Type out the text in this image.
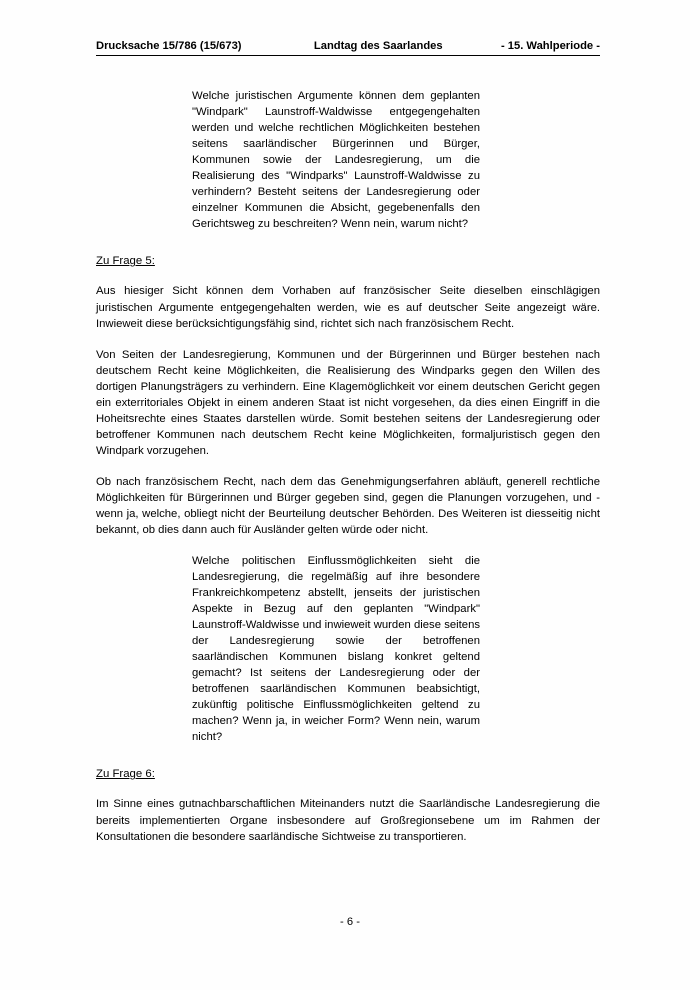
Drucksache 15/786 (15/673)	Landtag des Saarlandes	- 15. Wahlperiode -

Welche juristischen Argumente können dem geplanten "Windpark" Launstroff-Waldwisse entgegengehalten werden und welche rechtlichen Möglichkeiten bestehen seitens saarländischer Bürgerinnen und Bürger, Kommunen sowie der Landesregierung, um die Realisierung des "Windparks" Launstroff-Waldwisse zu verhindern? Besteht seitens der Landesregierung oder einzelner Kommunen die Absicht, gegebenenfalls den Gerichtsweg zu beschreiten? Wenn nein, warum nicht?

Zu Frage 5:

Aus hiesiger Sicht können dem Vorhaben auf französischer Seite dieselben einschlägigen juristischen Argumente entgegengehalten werden, wie es auf deutscher Seite angezeigt wäre. Inwieweit diese berücksichtigungsfähig sind, richtet sich nach französischem Recht.

Von Seiten der Landesregierung, Kommunen und der Bürgerinnen und Bürger bestehen nach deutschem Recht keine Möglichkeiten, die Realisierung des Windparks gegen den Willen des dortigen Planungsträgers zu verhindern. Eine Klagemöglichkeit vor einem deutschen Gericht gegen ein exterritoriales Objekt in einem anderen Staat ist nicht vorgesehen, da dies einen Eingriff in die Hoheitsrechte eines Staates darstellen würde. Somit bestehen seitens der Landesregierung oder betroffener Kommunen nach deutschem Recht keine Möglichkeiten, formaljuristisch gegen den Windpark vorzugehen.

Ob nach französischem Recht, nach dem das Genehmigungserfahren abläuft, generell rechtliche Möglichkeiten für Bürgerinnen und Bürger gegeben sind, gegen die Planungen vorzugehen, und - wenn ja, welche, obliegt nicht der Beurteilung deutscher Behörden. Des Weiteren ist diesseitig nicht bekannt, ob dies dann auch für Ausländer gelten würde oder nicht.

Welche politischen Einflussmöglichkeiten sieht die Landesregierung, die regelmäßig auf ihre besondere Frankreichkompetenz abstellt, jenseits der juristischen Aspekte in Bezug auf den geplanten "Windpark" Launstroff-Waldwisse und inwieweit wurden diese seitens der Landesregierung sowie der betroffenen saarländischen Kommunen bislang konkret geltend gemacht? Ist seitens der Landesregierung oder der betroffenen saarländischen Kommunen beabsichtigt, zukünftig politische Einflussmöglichkeiten geltend zu machen? Wenn ja, in weicher Form? Wenn nein, warum nicht?

Zu Frage 6:

Im Sinne eines gutnachbarschaftlichen Miteinanders nutzt die Saarländische Landesregierung die bereits implementierten Organe insbesondere auf Großregionsebene um im Rahmen der Konsultationen die besondere saarländische Sichtweise zu transportieren.

- 6 -
